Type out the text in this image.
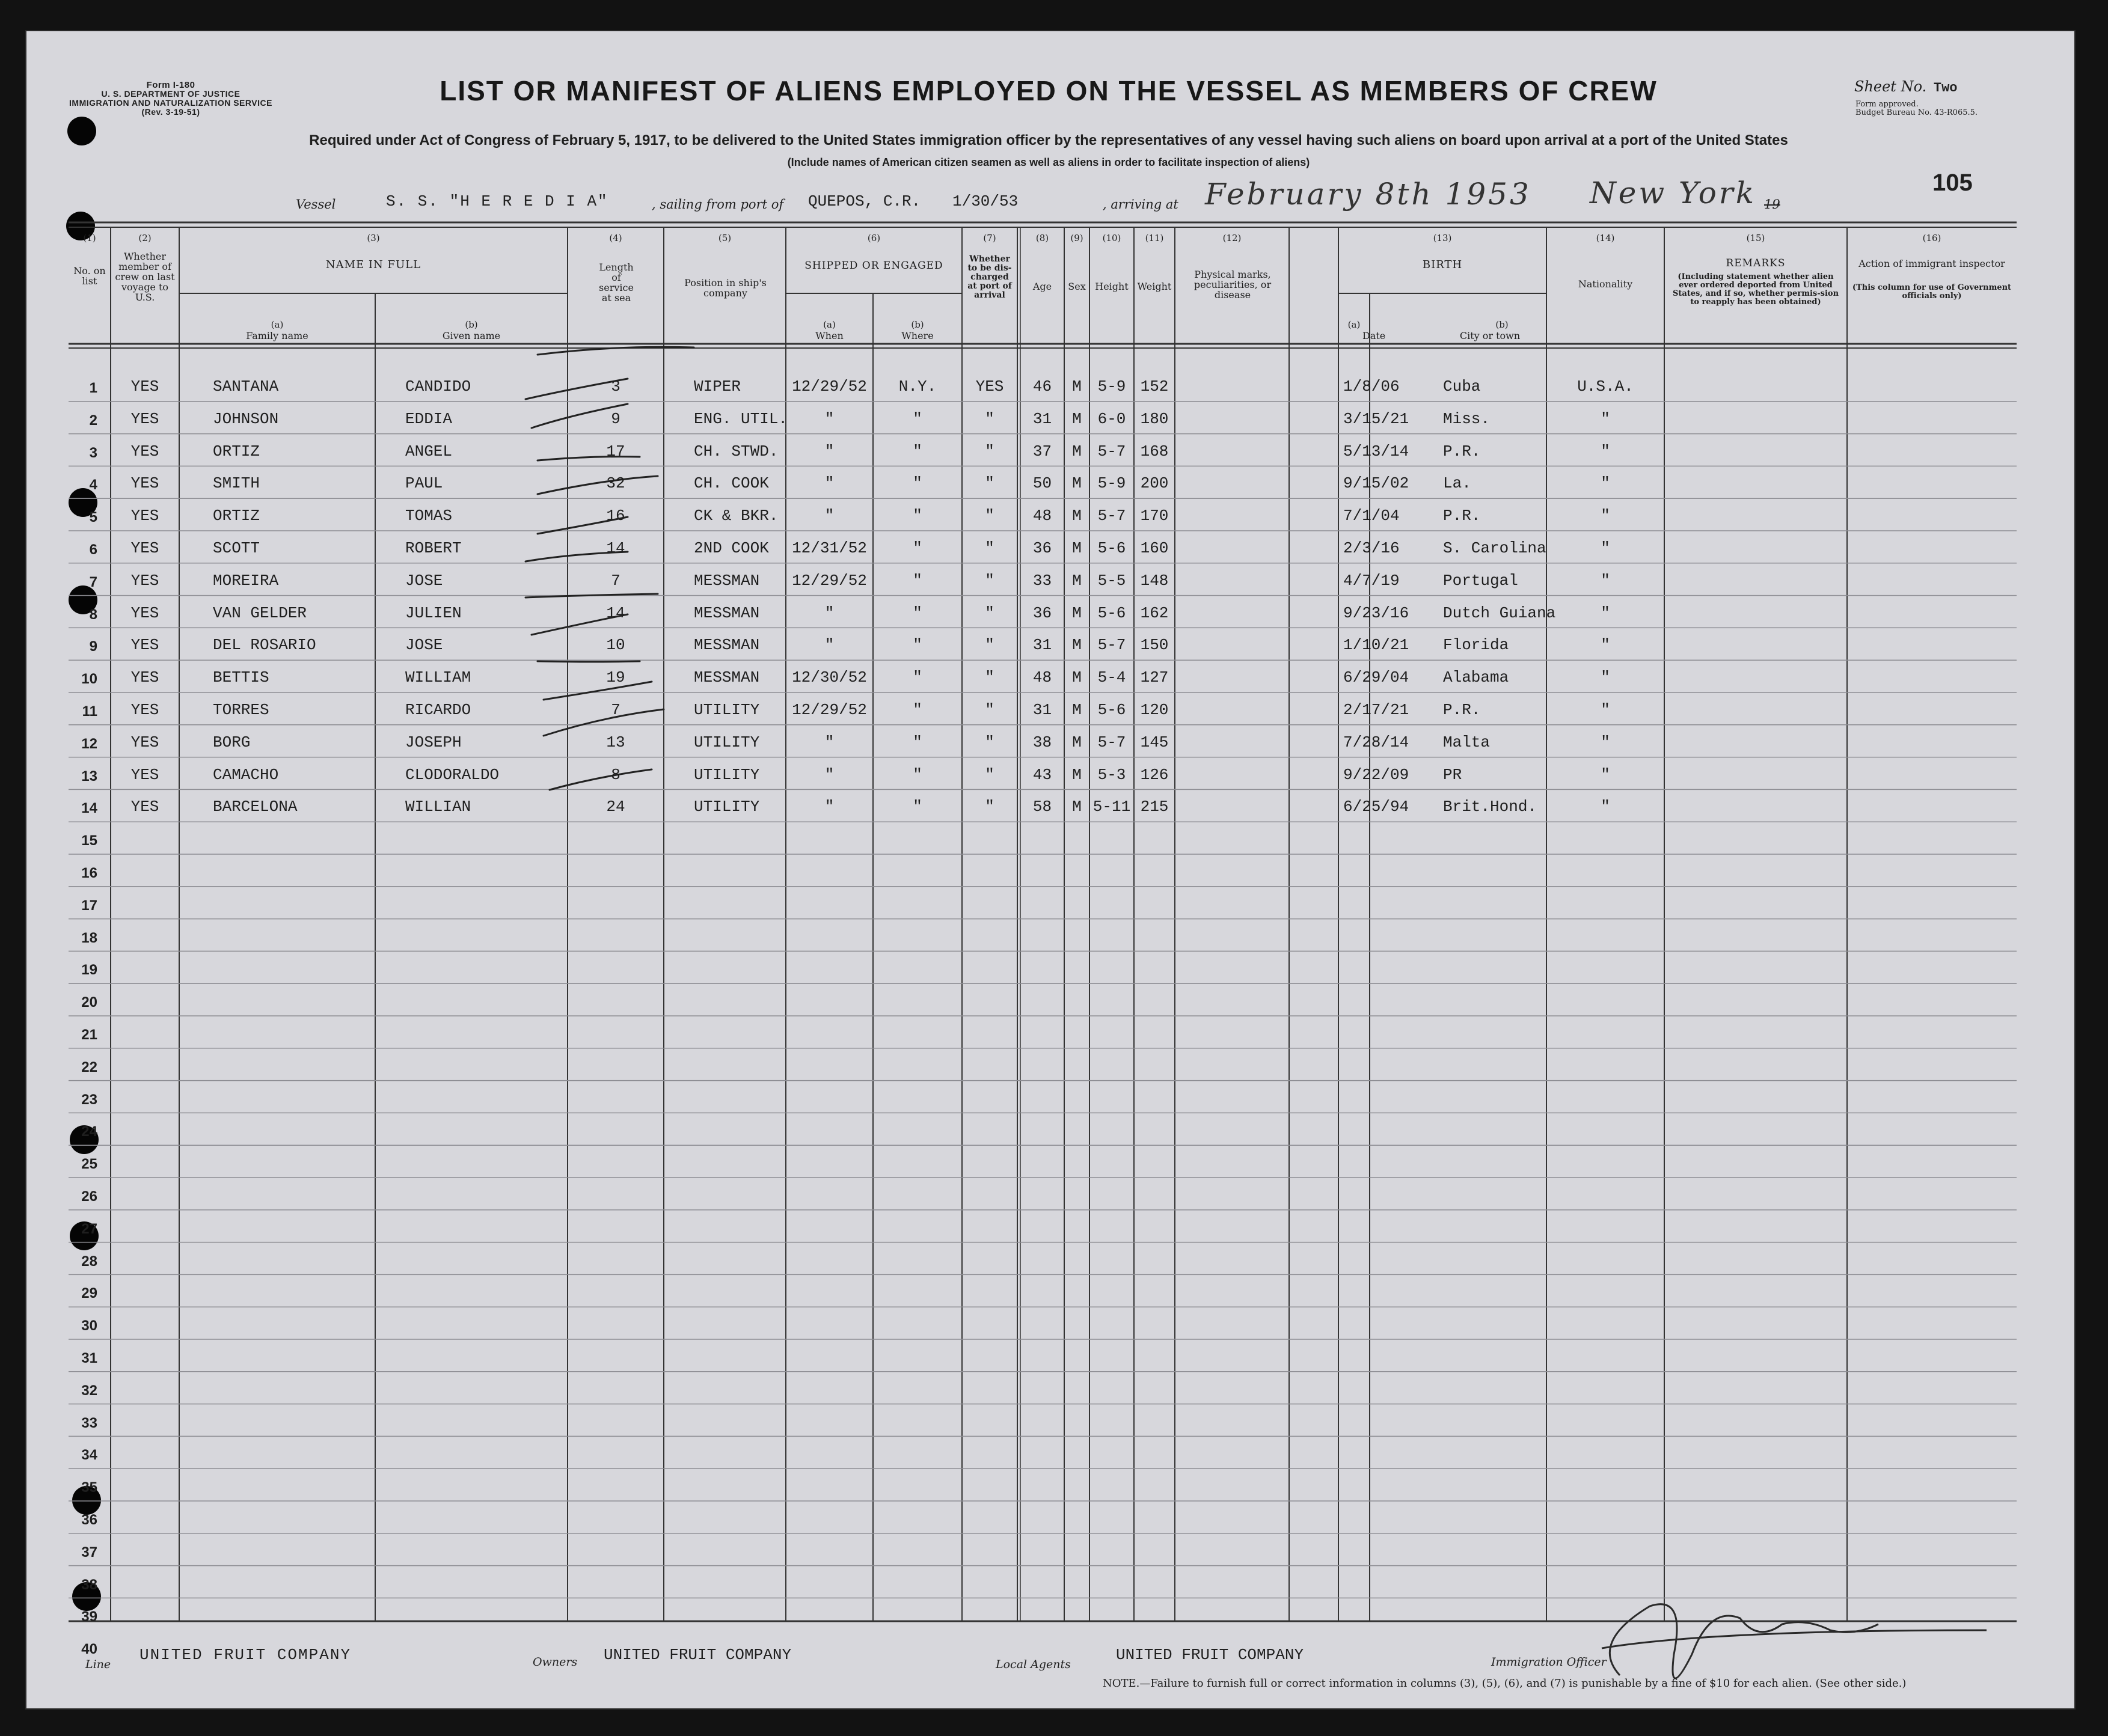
Form I-180
U. S. DEPARTMENT OF JUSTICE
IMMIGRATION AND NATURALIZATION SERVICE
(Rev. 3-19-51)
LIST OR MANIFEST OF ALIENS EMPLOYED ON THE VESSEL AS MEMBERS OF CREW
Required under Act of Congress of February 5, 1917, to be delivered to the United States immigration officer by the representatives of any vessel having such aliens on board upon arrival at a port of the United States
(Include names of American citizen seamen as well as aliens in order to facilitate inspection of aliens)
Sheet No. Two
Form approved.
Budget Bureau No. 43-R065.5.
105
Vessel	S. S. "H E R E D I A"	, sailing from port of QUEPOS, C.R. 1/30/53	, arriving at February 8th 1953 New York 19
(1)
No. on list
(2)
Whether member of crew on last voyage to U.S.
(3)
NAME IN FULL
(a)
Family name
(b)
Given name
(4)
Length of service at sea
(5)
Position in ship's company
(6)
SHIPPED OR ENGAGED
(a)
When
(b)
Where
(7)
Whether to be dis-charged at port of arrival
(8)
Age
(9)
Sex
(10)
Height
(11)
Weight
(12)
Physical marks, peculiarities, or disease
(13)
BIRTH
(a)
Date
(b)
City or town
(14)
Nationality
(15)
REMARKS
(Including statement whether alien ever ordered deported from United States, and if so, whether permis-sion to reapply has been obtained)
(16)
Action of immigrant inspector
(This column for use of Government officials only)
1	YES	SANTANA	CANDIDO	3	WIPER	12/29/52	N.Y.	YES	46	M	5-9 152	1/8/06	Cuba	U.S.A.
2	YES	JOHNSON	EDDIA	9	ENG. UTIL.	"	"	"	31	M	6-0 180	3/15/21	Miss.	"
3	YES	ORTIZ	ANGEL	17	CH. STWD.	"	"	"	37	M	5-7 168	5/13/14	P.R.	"
4	YES	SMITH	PAUL	32	CH. COOK	"	"	"	50	M	5-9 200	9/15/02	La.	"
5	YES	ORTIZ	TOMAS	16	CK & BKR.	"	"	"	48	M	5-7 170	7/1/04	P.R.	"
6	YES	SCOTT	ROBERT	14	2ND COOK	12/31/52	"	"	36	M	5-6 160	2/3/16	S. Carolina	"
7	YES	MOREIRA	JOSE	7	MESSMAN	12/29/52	"	"	33	M	5-5 148	4/7/19	Portugal	"
8	YES	VAN GELDER	JULIEN	14	MESSMAN	"	"	"	36	M	5-6 162	9/23/16	Dutch Guiana	"
9	YES	DEL ROSARIO	JOSE	10	MESSMAN	"	"	"	31	M	5-7 150	1/10/21	Florida	"
10	YES	BETTIS	WILLIAM	19	MESSMAN	12/30/52	"	"	48	M	5-4 127	6/29/04	Alabama	"
11	YES	TORRES	RICARDO	7	UTILITY	12/29/52	"	"	31	M	5-6 120	2/17/21	P.R.	"
12	YES	BORG	JOSEPH	13	UTILITY	"	"	"	38	M	5-7 145	7/28/14	Malta	"
13	YES	CAMACHO	CLODORALDO	8	UTILITY	"	"	"	43	M	5-3 126	9/22/09	PR	"
14	YES	BARCELONA	WILLIAN	24	UTILITY	"	"	"	58	M 5-11 215	6/25/94	Brit.Hond.	"
15
16
17
18
19
20
21
22
23
24
25
26
27
28
29
30
31
32
33
34
35
36
37
38
39
40
Line
UNITED FRUIT COMPANY	Owners UNITED FRUIT COMPANY
Local Agents
UNITED FRUIT COMPANY	Immigration Officer
NOTE.—Failure to furnish full or correct information in columns (3), (5), (6), and (7) is punishable by a fine of $10 for each alien. (See other side.)
